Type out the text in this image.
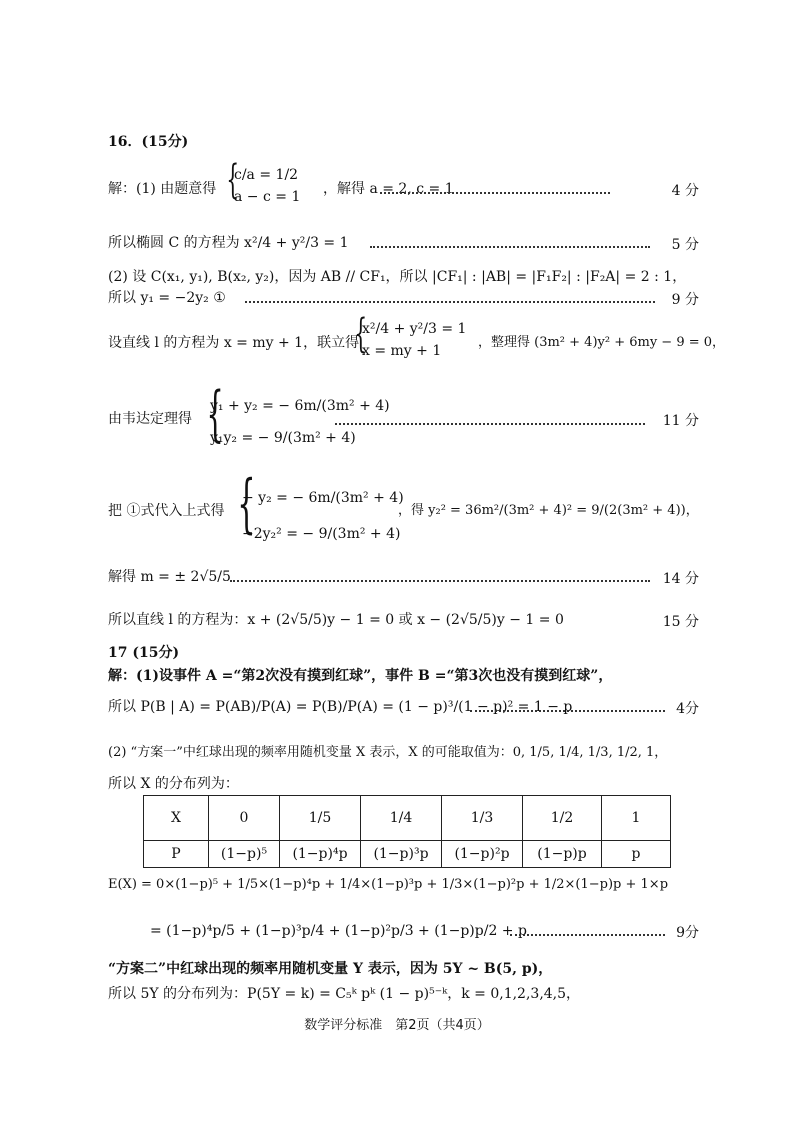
16．(15分)
解：(1) 由题意得 {
c/a = 1/2
a − c = 1 ，解得 a = 2, c = 1	4 分
所以椭圆 C 的方程为 x²/4 + y²/3 = 1	5 分
(2) 设 C(x₁, y₁), B(x₂, y₂)，因为 AB // CF₁，所以 |CF₁| : |AB| = |F₁F₂| : |F₂A| = 2 : 1，
所以 y₁ = −2y₂ ①	9 分
设直线 l 的方程为 x = my + 1，联立得
{
x²/4 + y²/3 = 1
x = my + 1
，整理得 (3m² + 4)y² + 6my − 9 = 0，
由韦达定理得 {
y₁ + y₂ = − 6m/(3m² + 4)
y₁y₂ = − 9/(3m² + 4)
11 分
把 ①式代入上式得 {
− y₂ = − 6m/(3m² + 4)
−2y₂² = − 9/(3m² + 4)
，得 y₂² = 36m²/(3m² + 4)² = 9/(2(3m² + 4))，
解得 m = ± 2√5/5	14 分
所以直线 l 的方程为：x + (2√5/5)y − 1 = 0 或 x − (2√5/5)y − 1 = 0	15 分
17 (15分)
解：(1)设事件 A =“第2次没有摸到红球”，事件 B =“第3次也没有摸到红球”，
所以 P(B | A) = P(AB)/P(A) = P(B)/P(A) = (1 − p)³/(1 − p)² = 1 − p	4分
(2) “方案一”中红球出现的频率用随机变量 X 表示，X 的可能取值为：0, 1/5, 1/4, 1/3, 1/2, 1，
所以 X 的分布列为：
X	0	1/5	1/4	1/3	1/2	1
P	(1−p)⁵	(1−p)⁴p	(1−p)³p	(1−p)²p	(1−p)p	p
E(X) = 0×(1−p)⁵ + 1/5×(1−p)⁴p + 1/4×(1−p)³p + 1/3×(1−p)²p + 1/2×(1−p)p + 1×p
= (1−p)⁴p/5 + (1−p)³p/4 + (1−p)²p/3 + (1−p)p/2 + p	9分
“方案二”中红球出现的频率用随机变量 Y 表示，因为 5Y ~ B(5, p)，
所以 5Y 的分布列为：P(5Y = k) = C₅ᵏ pᵏ (1 − p)⁵⁻ᵏ，k = 0,1,2,3,4,5，
数学评分标准　第2页（共4页）
